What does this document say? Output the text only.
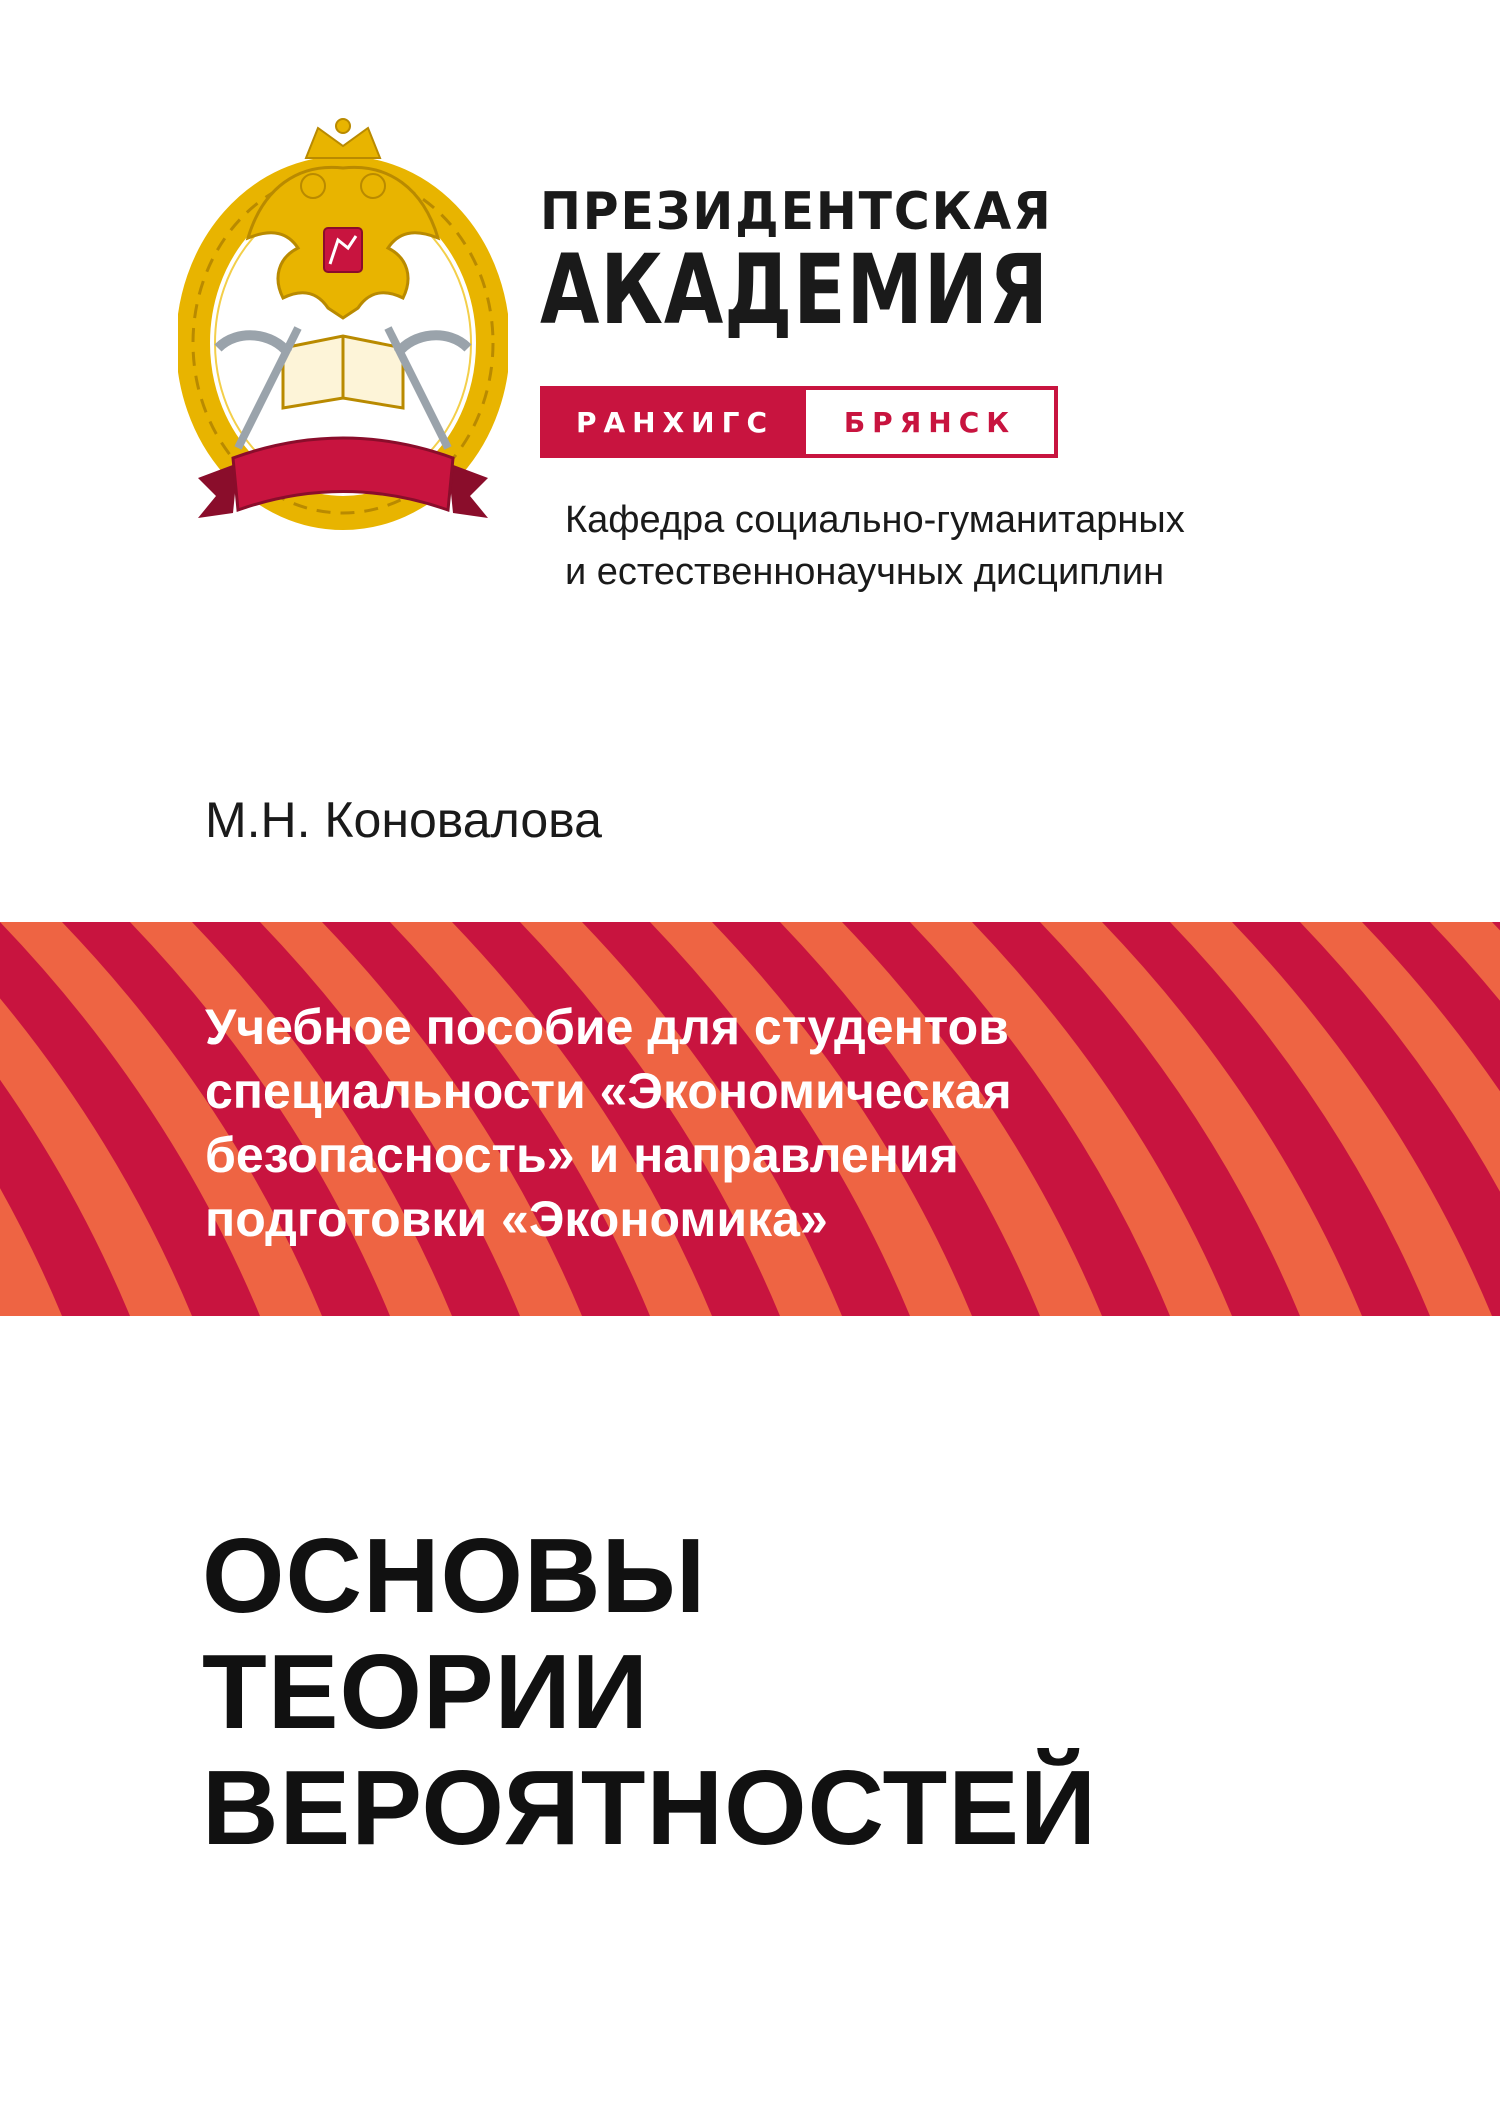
ПРЕЗИДЕНТСКАЯ
АКАДЕМИЯ
РАНХИГС	БРЯНСК
Кафедра социально-гуманитарных
и естественнонаучных дисциплин
М.Н. Коновалова
Учебное пособие для студентов
специальности «Экономическая
безопасность» и направления
подготовки «Экономика»
ОСНОВЫ
ТЕОРИИ
ВЕРОЯТНОСТЕЙ
